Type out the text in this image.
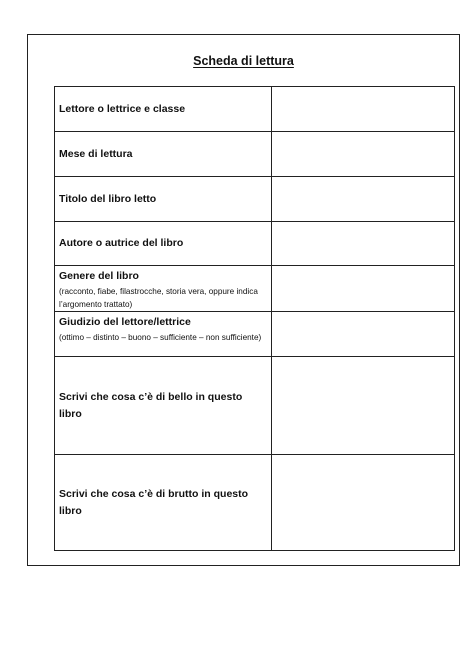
Scheda di lettura
Lettore o lettrice e classe	

Mese di lettura	

Titolo del libro letto	

Autore o autrice del libro	

Genere del libro
(racconto, fiabe, filastrocche, storia vera, oppure indica l’argomento trattato)	

Giudizio del lettore/lettrice
(ottimo – distinto – buono – sufficiente – non sufficiente)	

Scrivi che cosa c’è di bello in questo libro	

Scrivi che cosa c’è di brutto in questo libro	
